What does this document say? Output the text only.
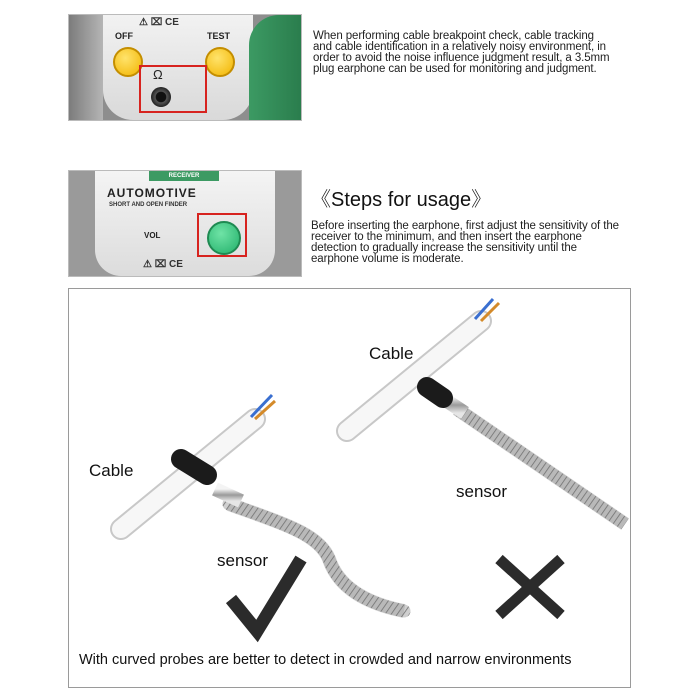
⚠ ⌧ CE
OFF	TEST
Ω
When performing cable breakpoint check, cable tracking and cable identification in a relatively noisy environment, in order to avoid the noise influence judgment result, a 3.5mm plug earphone can be used for monitoring and judgment.
RECEIVER
AUTOMOTIVE
SHORT AND OPEN FINDER
VOL
⚠ ⌧ CE
《Steps for usage》
Before inserting the earphone, first adjust the sensitivity of the receiver to the minimum, and then insert the earphone detection to gradually increase the sensitivity until the earphone volume is moderate.
Cable
sensor
Cable
sensor
With curved probes are better to detect in crowded and narrow environments
